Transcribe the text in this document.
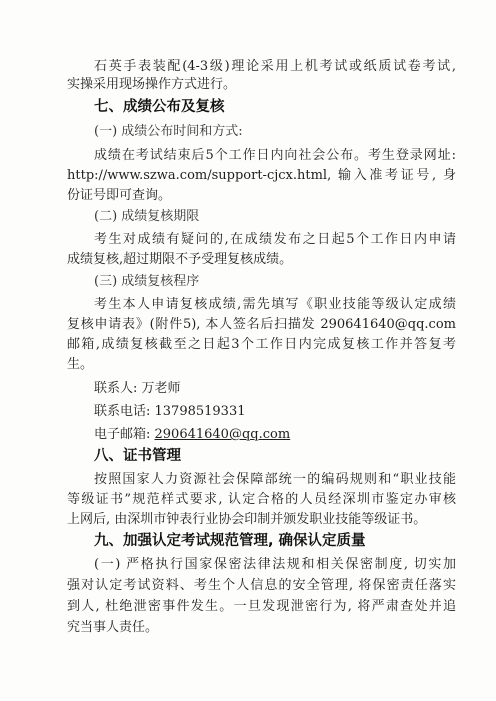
石英手表装配(4-3级)理论采用上机考试或纸质试卷考试,
实操采用现场操作方式进行。
七、成绩公布及复核
(一) 成绩公布时间和方式:
成绩在考试结束后5个工作日内向社会公布。考生登录网址:
http://www.szwa.com/support-cjcx.html, 输入准考证号, 身
份证号即可查询。
(二) 成绩复核期限
考生对成绩有疑问的,在成绩发布之日起5个工作日内申请
成绩复核,超过期限不予受理复核成绩。
(三) 成绩复核程序
考生本人申请复核成绩,需先填写《职业技能等级认定成绩
复核申请表》(附件5), 本人签名后扫描发 290641640@qq.com
邮箱,成绩复核截至之日起3个工作日内完成复核工作并答复考
生。
联系人: 万老师
联系电话: 13798519331
电子邮箱: 290641640@qq.com
八、证书管理
按照国家人力资源社会保障部统一的编码规则和“职业技能
等级证书”规范样式要求, 认定合格的人员经深圳市鉴定办审核
上网后, 由深圳市钟表行业协会印制并颁发职业技能等级证书。
九、加强认定考试规范管理, 确保认定质量
(一) 严格执行国家保密法律法规和相关保密制度, 切实加
强对认定考试资料、考生个人信息的安全管理, 将保密责任落实
到人, 杜绝泄密事件发生。一旦发现泄密行为, 将严肃查处并追
究当事人责任。
